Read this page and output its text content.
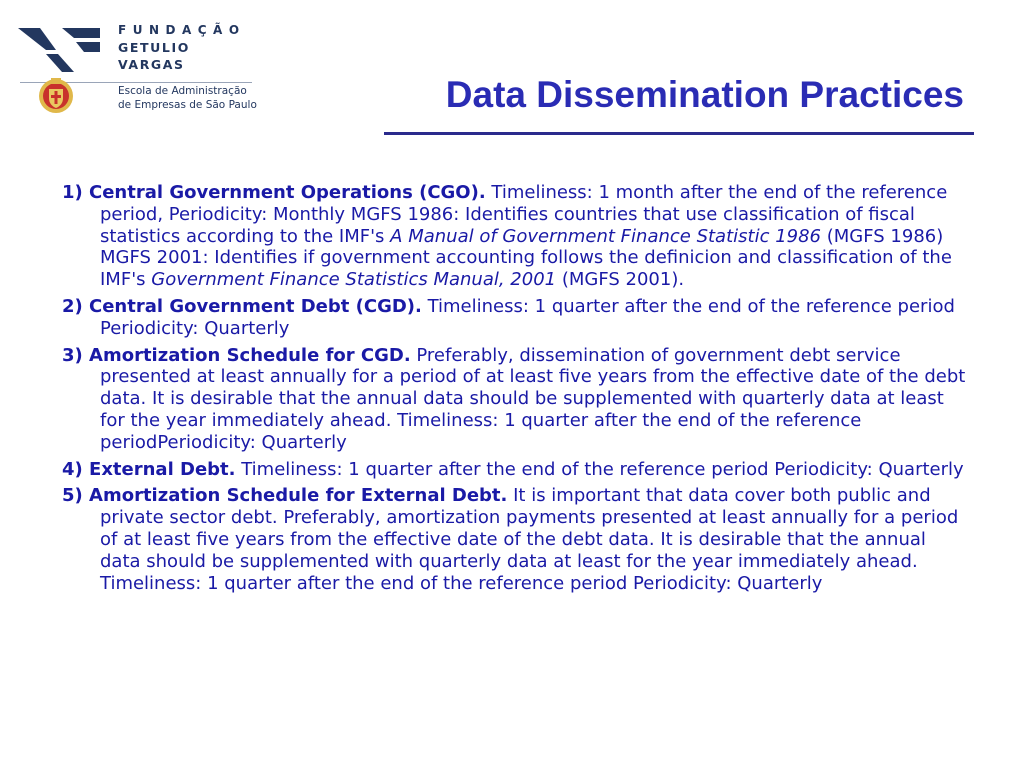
FUNDAÇÃO
GETULIO VARGAS
Escola de Administração
de Empresas de São Paulo	Data Dissemination Practices
1) Central Government Operations (CGO). Timeliness: 1 month after the end of the reference period, Periodicity: Monthly MGFS 1986: Identifies countries that use classification of fiscal statistics according to the IMF's A Manual of Government Finance Statistic 1986 (MGFS 1986) MGFS 2001: Identifies if government accounting follows the definicion and classification of the IMF's Government Finance Statistics Manual, 2001 (MGFS 2001).
2) Central Government Debt (CGD). Timeliness: 1 quarter after the end of the reference period Periodicity: Quarterly
3) Amortization Schedule for CGD. Preferably, dissemination of government debt service presented at least annually for a period of at least five years from the effective date of the debt data. It is desirable that the annual data should be supplemented with quarterly data at least for the year immediately ahead. Timeliness: 1 quarter after the end of the reference periodPeriodicity: Quarterly
4) External Debt. Timeliness: 1 quarter after the end of the reference period Periodicity: Quarterly
5) Amortization Schedule for External Debt. It is important that data cover both public and private sector debt. Preferably, amortization payments presented at least annually for a period of at least five years from the effective date of the debt data. It is desirable that the annual data should be supplemented with quarterly data at least for the year immediately ahead. Timeliness: 1 quarter after the end of the reference period Periodicity: Quarterly
